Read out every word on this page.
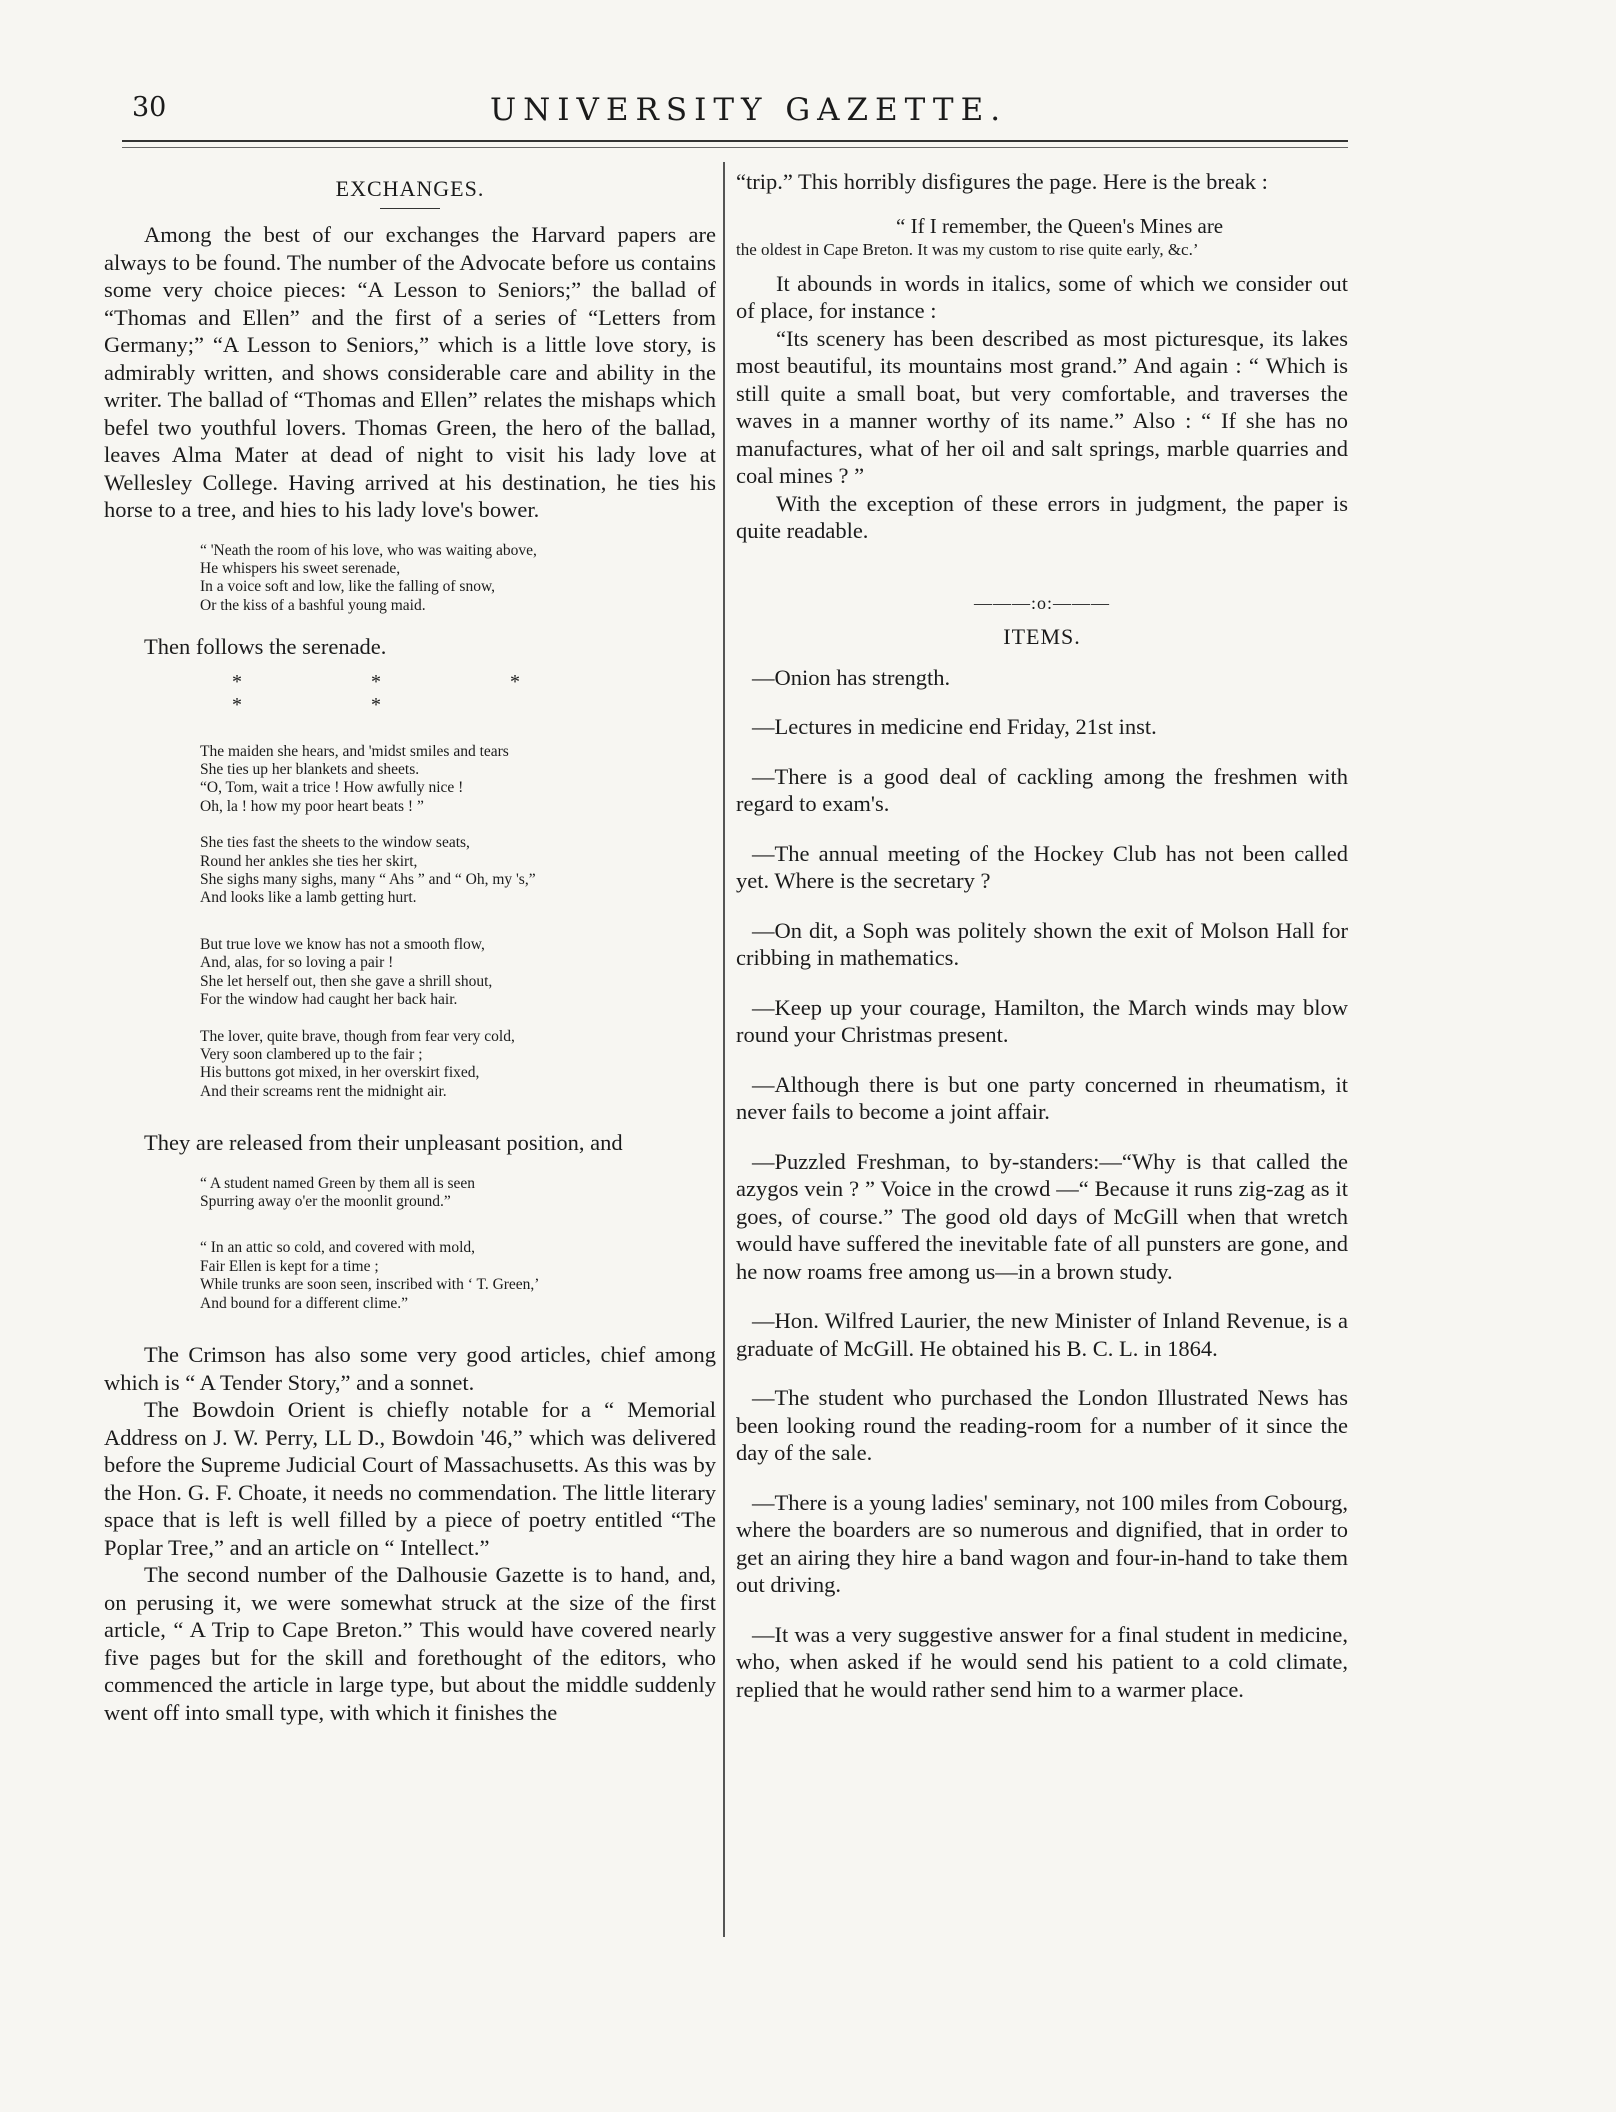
30	UNIVERSITY GAZETTE.
EXCHANGES.

Among the best of our exchanges the Harvard papers are always to be found. The number of the Advocate before us contains some very choice pieces: “A Lesson to Seniors;” the ballad of “Thomas and Ellen” and the first of a series of “Letters from Germany;” “A Lesson to Seniors,” which is a little love story, is admirably written, and shows considerable care and ability in the writer. The ballad of “Thomas and Ellen” relates the mishaps which befel two youthful lovers. Thomas Green, the hero of the ballad, leaves Alma Mater at dead of night to visit his lady love at Wellesley College. Having arrived at his destination, he ties his horse to a tree, and hies to his lady love's bower.

“ 'Neath the room of his love, who was waiting above,
He whispers his sweet serenade,
In a voice soft and low, like the falling of snow,
Or the kiss of a bashful young maid.

Then follows the serenade.

* * * * *
The maiden she hears, and 'midst smiles and tears
She ties up her blankets and sheets.
“O, Tom, wait a trice ! How awfully nice !
Oh, la ! how my poor heart beats ! ”
She ties fast the sheets to the window seats,
Round her ankles she ties her skirt,
She sighs many sighs, many “ Ahs ” and “ Oh, my 's,”
And looks like a lamb getting hurt.
But true love we know has not a smooth flow,
And, alas, for so loving a pair !
She let herself out, then she gave a shrill shout,
For the window had caught her back hair.
The lover, quite brave, though from fear very cold,
Very soon clambered up to the fair ;
His buttons got mixed, in her overskirt fixed,
And their screams rent the midnight air.

They are released from their unpleasant position, and

“ A student named Green by them all is seen
Spurring away o'er the moonlit ground.”
“ In an attic so cold, and covered with mold,
Fair Ellen is kept for a time ;
While trunks are soon seen, inscribed with ‘ T. Green,’
And bound for a different clime.”

The Crimson has also some very good articles, chief among which is “ A Tender Story,” and a sonnet.

The Bowdoin Orient is chiefly notable for a “ Memorial Address on J. W. Perry, LL D., Bowdoin '46,” which was delivered before the Supreme Judicial Court of Massachusetts. As this was by the Hon. G. F. Choate, it needs no commendation. The little literary space that is left is well filled by a piece of poetry entitled “The Poplar Tree,” and an article on “ Intellect.”

The second number of the Dalhousie Gazette is to hand, and, on perusing it, we were somewhat struck at the size of the first article, “ A Trip to Cape Breton.” This would have covered nearly five pages but for the skill and forethought of the editors, who commenced the article in large type, but about the middle suddenly went off into small type, with which it finishes the

“trip.” This horribly disfigures the page. Here is the break :

“ If I remember, the Queen's Mines are

the oldest in Cape Breton. It was my custom to rise quite early, &c.’

It abounds in words in italics, some of which we consider out of place, for instance :

“Its scenery has been described as most picturesque, its lakes most beautiful, its mountains most grand.” And again : “ Which is still quite a small boat, but very comfortable, and traverses the waves in a manner worthy of its name.” Also : “ If she has no manufactures, what of her oil and salt springs, marble quarries and coal mines ? ”

With the exception of these errors in judgment, the paper is quite readable.

———:o:———
ITEMS.

—Onion has strength.

—Lectures in medicine end Friday, 21st inst.

—There is a good deal of cackling among the freshmen with regard to exam's.

—The annual meeting of the Hockey Club has not been called yet. Where is the secretary ?

—On dit, a Soph was politely shown the exit of Molson Hall for cribbing in mathematics.

—Keep up your courage, Hamilton, the March winds may blow round your Christmas present.

—Although there is but one party concerned in rheumatism, it never fails to become a joint affair.

—Puzzled Freshman, to by-standers:—“Why is that called the azygos vein ? ” Voice in the crowd —“ Because it runs zig-zag as it goes, of course.” The good old days of McGill when that wretch would have suffered the inevitable fate of all punsters are gone, and he now roams free among us—in a brown study.

—Hon. Wilfred Laurier, the new Minister of Inland Revenue, is a graduate of McGill. He obtained his B. C. L. in 1864.

—The student who purchased the London Illustrated News has been looking round the reading-room for a number of it since the day of the sale.

—There is a young ladies' seminary, not 100 miles from Cobourg, where the boarders are so numerous and dignified, that in order to get an airing they hire a band wagon and four-in-hand to take them out driving.

—It was a very suggestive answer for a final student in medicine, who, when asked if he would send his patient to a cold climate, replied that he would rather send him to a warmer place.
